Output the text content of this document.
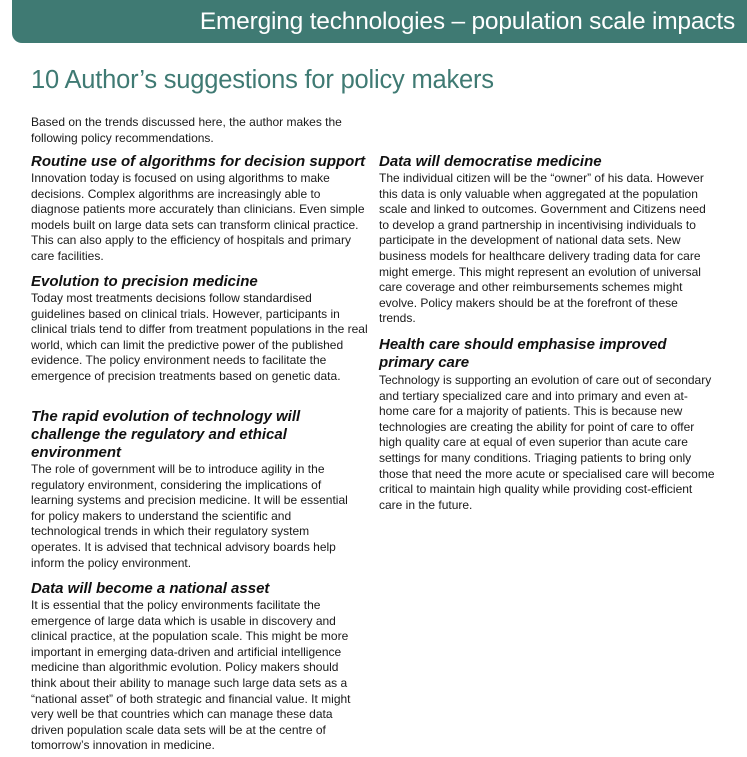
Emerging technologies – population scale impacts
10 Author’s suggestions for policy makers

Based on the trends discussed here, the author makes the following policy recommendations.

Routine use of algorithms for decision support

Innovation today is focused on using algorithms to make decisions. Complex algorithms are increasingly able to diagnose patients more accurately than clinicians. Even simple models built on large data sets can transform clinical practice. This can also apply to the efficiency of hospitals and primary care facilities.

Evolution to precision medicine

Today most treatments decisions follow standardised guidelines based on clinical trials. However, participants in clinical trials tend to differ from treatment populations in the real world, which can limit the predictive power of the published evidence. The policy environment needs to facilitate the emergence of precision treatments based on genetic data.

The rapid evolution of technology will challenge the regulatory and ethical environment

The role of government will be to introduce agility in the regulatory environment, considering the implications of learning systems and precision medicine. It will be essential for policy makers to understand the scientific and technological trends in which their regulatory system operates. It is advised that technical advisory boards help inform the policy environment.

Data will become a national asset

It is essential that the policy environments facilitate the emergence of large data which is usable in discovery and clinical practice, at the population scale. This might be more important in emerging data-driven and artificial intelligence medicine than algorithmic evolution. Policy makers should think about their ability to manage such large data sets as a “national asset” of both strategic and financial value. It might very well be that countries which can manage these data driven population scale data sets will be at the centre of tomorrow’s innovation in medicine.

Data will democratise medicine

The individual citizen will be the “owner” of his data. However this data is only valuable when aggregated at the population scale and linked to outcomes. Government and Citizens need to develop a grand partnership in incentivising individuals to participate in the development of national data sets. New business models for healthcare delivery trading data for care might emerge. This might represent an evolution of universal care coverage and other reimbursements schemes might evolve. Policy makers should be at the forefront of these trends.

Health care should emphasise improved primary care

Technology is supporting an evolution of care out of secondary and tertiary specialized care and into primary and even at-home care for a majority of patients. This is because new technologies are creating the ability for point of care to offer high quality care at equal of even superior than acute care settings for many conditions. Triaging patients to bring only those that need the more acute or specialised care will become critical to maintain high quality while providing cost-efficient care in the future.
